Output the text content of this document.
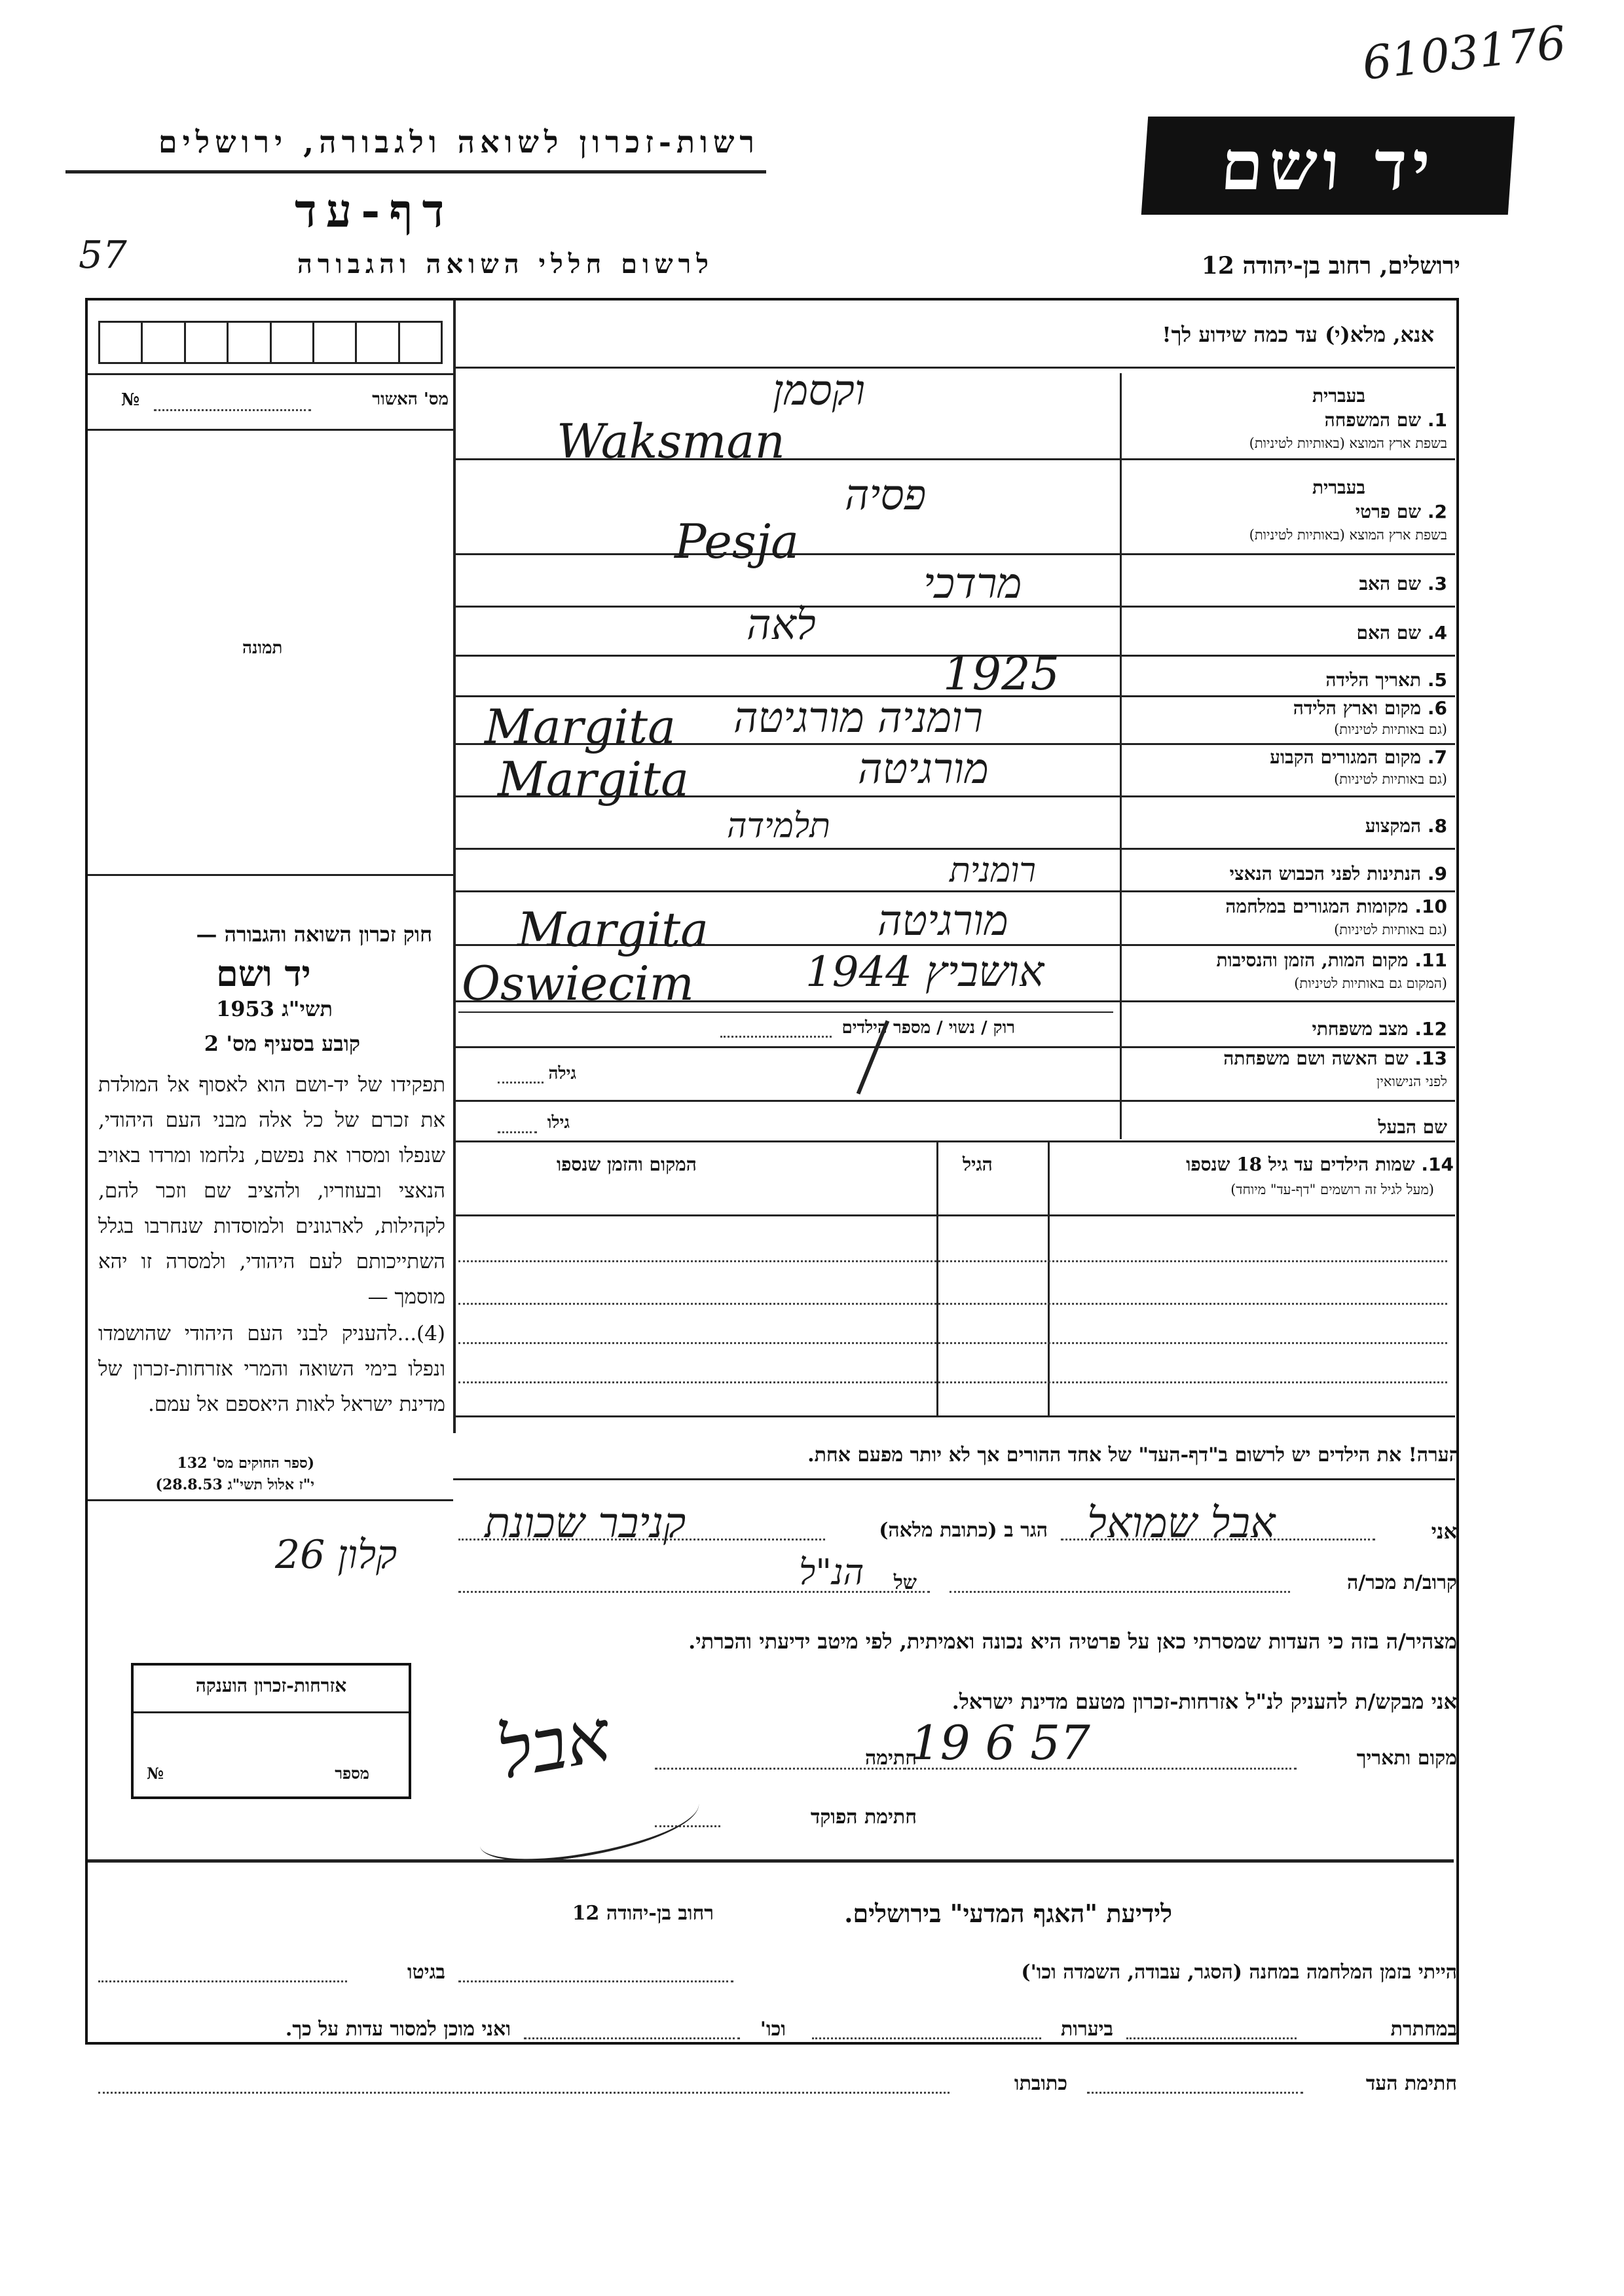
6103176
יד ושם
רשות-זכרון לשואה ולגבורה, ירושלים
דף-עד
57	לרשום חללי השואה והגבורה	ירושלים, רחוב בן-יהודה 12
אנא, מלא(י) עד כמה שידוע לך!
מס' האשור
№
תמונה
בעברית
1. שם המשפחה
בשפת ארץ המוצא (באותיות לטיניות)
בעברית
2. שם פרטי
בשפת ארץ המוצא (באותיות לטיניות)
3. שם האב
4. שם האם
5. תאריך הלידה
6. מקום וארץ הלידה
(גם באותיות לטיניות)
7. מקום המגורים הקבוע
(גם באותיות לטיניות)
8. המקצוע
9. הנתינות לפני הכבוש הנאצי
10. מקומות המגורים במלחמה
(גם באותיות לטיניות)
11. מקום המות, הזמן והנסיבות
(המקום גם באותיות לטיניות)
12. מצב משפחתי
רוק / נשוי / מספר הילדים
13. שם האשה ושם משפחתה
לפני הנישואין
גילה
שם הבעל
גילו
וקסמן
Waksman
פסיה
Pesja
מרדכי
לאה
1925
רומניה מורגיטה
Margita
מורגיטה
Margita
תלמידה
רומנית
מורגיטה
Margita
אושביץ 1944
Oswiecim
חוק זכרון השואה והגבורה —
יד ושם
תשי"ג 1953
קובע בסעיף מס' 2
תפקידו של יד-ושם הוא לאסוף אל המולדת את זכרם של כל אלה מבני העם היהודי, שנפלו ומסרו את נפשם, נלחמו ומרדו באויב הנאצי ובעוזריו, ולהציב שם וזכר להם, לקהילות, לארגונים ולמוסדות שנחרבו בגלל השתייכותם לעם היהודי, ולמסרה זו יהא מוסמך —
(4)...להעניק לבני העם היהודי שהושמדו ונפלו בימי השואה והמרי אזרחות-זכרון של מדינת ישראל לאות היאספם אל עמם.
(ספר החוקים מס' 132
י"ז אלול תשי"ג 28.8.53)
14. שמות הילדים עד גיל 18 שנספו
(מעל לגיל זה רושמים "דף-עד" מיוחד)
הגיל
המקום והזמן שנספו
הערה! את הילדים יש לרשום ב"דף-העד" של אחד ההורים אך לא יותר מפעם אחת.
אני
אבל שמואל
הגר ב (כתובת מלאה)
קניבר שכונת
קלון 26
קרוב/ת מכר/ה
של
הנ"ל
מצהיר/ה בזה כי העדות שמסרתי כאן על פרטיה היא נכונה ואמיתית, לפי מיטב ידיעתי והכרתי.
אני מבקש/ת להעניק לנ"ל אזרחות-זכרון מטעם מדינת ישראל.
מקום ותאריך
19 6 57
חתימה
אבל
חתימת הפוקד
אזרחות-זכרון הוענקה
מספר
№
לידיעת "האגף המדעי" בירושלים.
רחוב בן-יהודה 12
הייתי בזמן המלחמה במחנה (הסגר, עבודה, השמדה וכו')
בגיטו
במחתרת
ביערות
וכו'
ואני מוכן למסור עדות על כך.
חתימת העד
כתובתו
